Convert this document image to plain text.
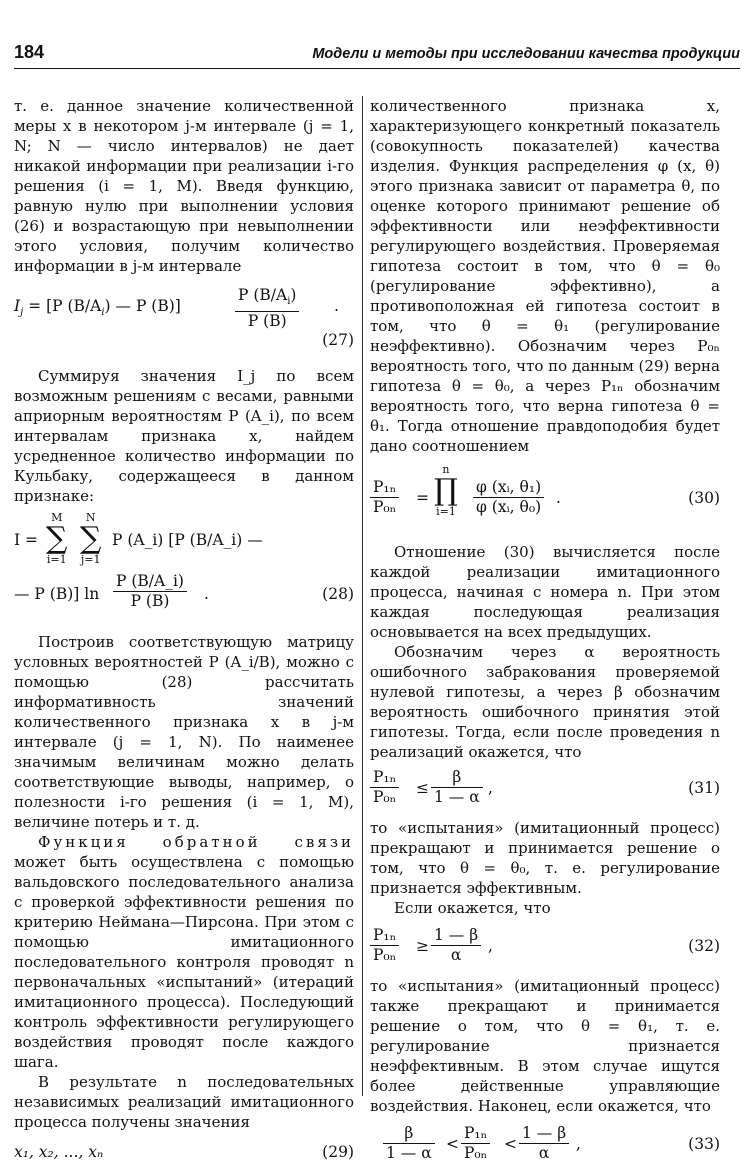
184	Модели и методы при исследовании качества продукции

т. е. данное значение количественной меры x в некотором j-м интервале (j = 1, N; N — число интервалов) не дает никакой информации при реализации i-го решения (i = 1, M). Введя функцию, равную нулю при выполнении условия (26) и возрастающую при невыполнении этого условия, получим количество информации в j-м интервале

$I_j = [P$ $(B/A_i)$ — P (B)]
P $(B/A_i)$
P (B)
.
(27)

Суммируя значения I_j по всем возможным решениям с весами, равными априорным вероятностям P (A_i), по всем интервалам признака x, найдем усредненное количество информации по Кульбаку, содержащееся в данном признаке:

I =
M
∑
i=1
N
∑
j=1
P (A_i) [P (B/A_i) —
— P (B)] ln
P (B/A_i)
P (B)	.	(28)

Построив соответствующую матрицу условных вероятностей P (A_i/B), можно с помощью (28) рассчитать информативность значений количественного признака x в j-м интервале (j = 1, N). По наименее значимым величинам можно делать соответствующие выводы, например, о полезности i-го решения (i = 1, M), величине потерь и т. д.

Функция обратной связи может быть осуществлена с помощью вальдовского последовательного анализа с проверкой эффективности решения по критерию Неймана—Пирсона. При этом с помощью имитационного последовательного контроля проводят n первоначальных «испытаний» (итераций имитационного процесса). Последующий контроль эффективности регулирующего воздействия проводят после каждого шага.

В результате n последовательных независимых реализаций имитационного процесса получены значения

x₁, x₂, ..., xₙ	(29)

количественного признака x, характеризующего конкретный показатель (совокупность показателей) качества изделия. Функция распределения φ (x, θ) этого признака зависит от параметра θ, по оценке которого принимают решение об эффективности или неэффективности регулирующего воздействия. Проверяемая гипотеза состоит в том, что θ = θ₀ (регулирование эффективно), а противоположная ей гипотеза состоит в том, что θ = θ₁ (регулирование неэффективно). Обозначим через P₀ₙ вероятность того, что по данным (29) верна гипотеза θ = θ₀, а через P₁ₙ обозначим вероятность того, что верна гипотеза θ = θ₁. Тогда отношение правдоподобия будет дано соотношением

P₁ₙ
P₀ₙ =
n
∏
i=1
φ (xᵢ, θ₁)
φ (xᵢ, θ₀) .	(30)

Отношение (30) вычисляется после каждой реализации имитационного процесса, начиная с номера n. При этом каждая последующая реализация основывается на всех предыдущих.

Обозначим через α вероятность ошибочного забракования проверяемой нулевой гипотезы, а через β обозначим вероятность ошибочного принятия этой гипотезы. Тогда, если после проведения n реализаций окажется, что

P₁ₙ
P₀ₙ ≤
β
1 — α ,	(31)

то «испытания» (имитационный процесс) прекращают и принимается решение о том, что θ = θ₀, т. е. регулирование признается эффективным.

Если окажется, что

P₁ₙ
P₀ₙ ≥
1 — β
α	,	(32)

то «испытания» (имитационный процесс) также прекращают и принимается решение о том, что θ = θ₁, т. е. регулирование признается неэффективным. В этом случае ищутся более действенные управляющие воздействия. Наконец, если окажется, что

β
1 — α <
P₁ₙ
P₀ₙ <
1 — β
α	,	(33)
